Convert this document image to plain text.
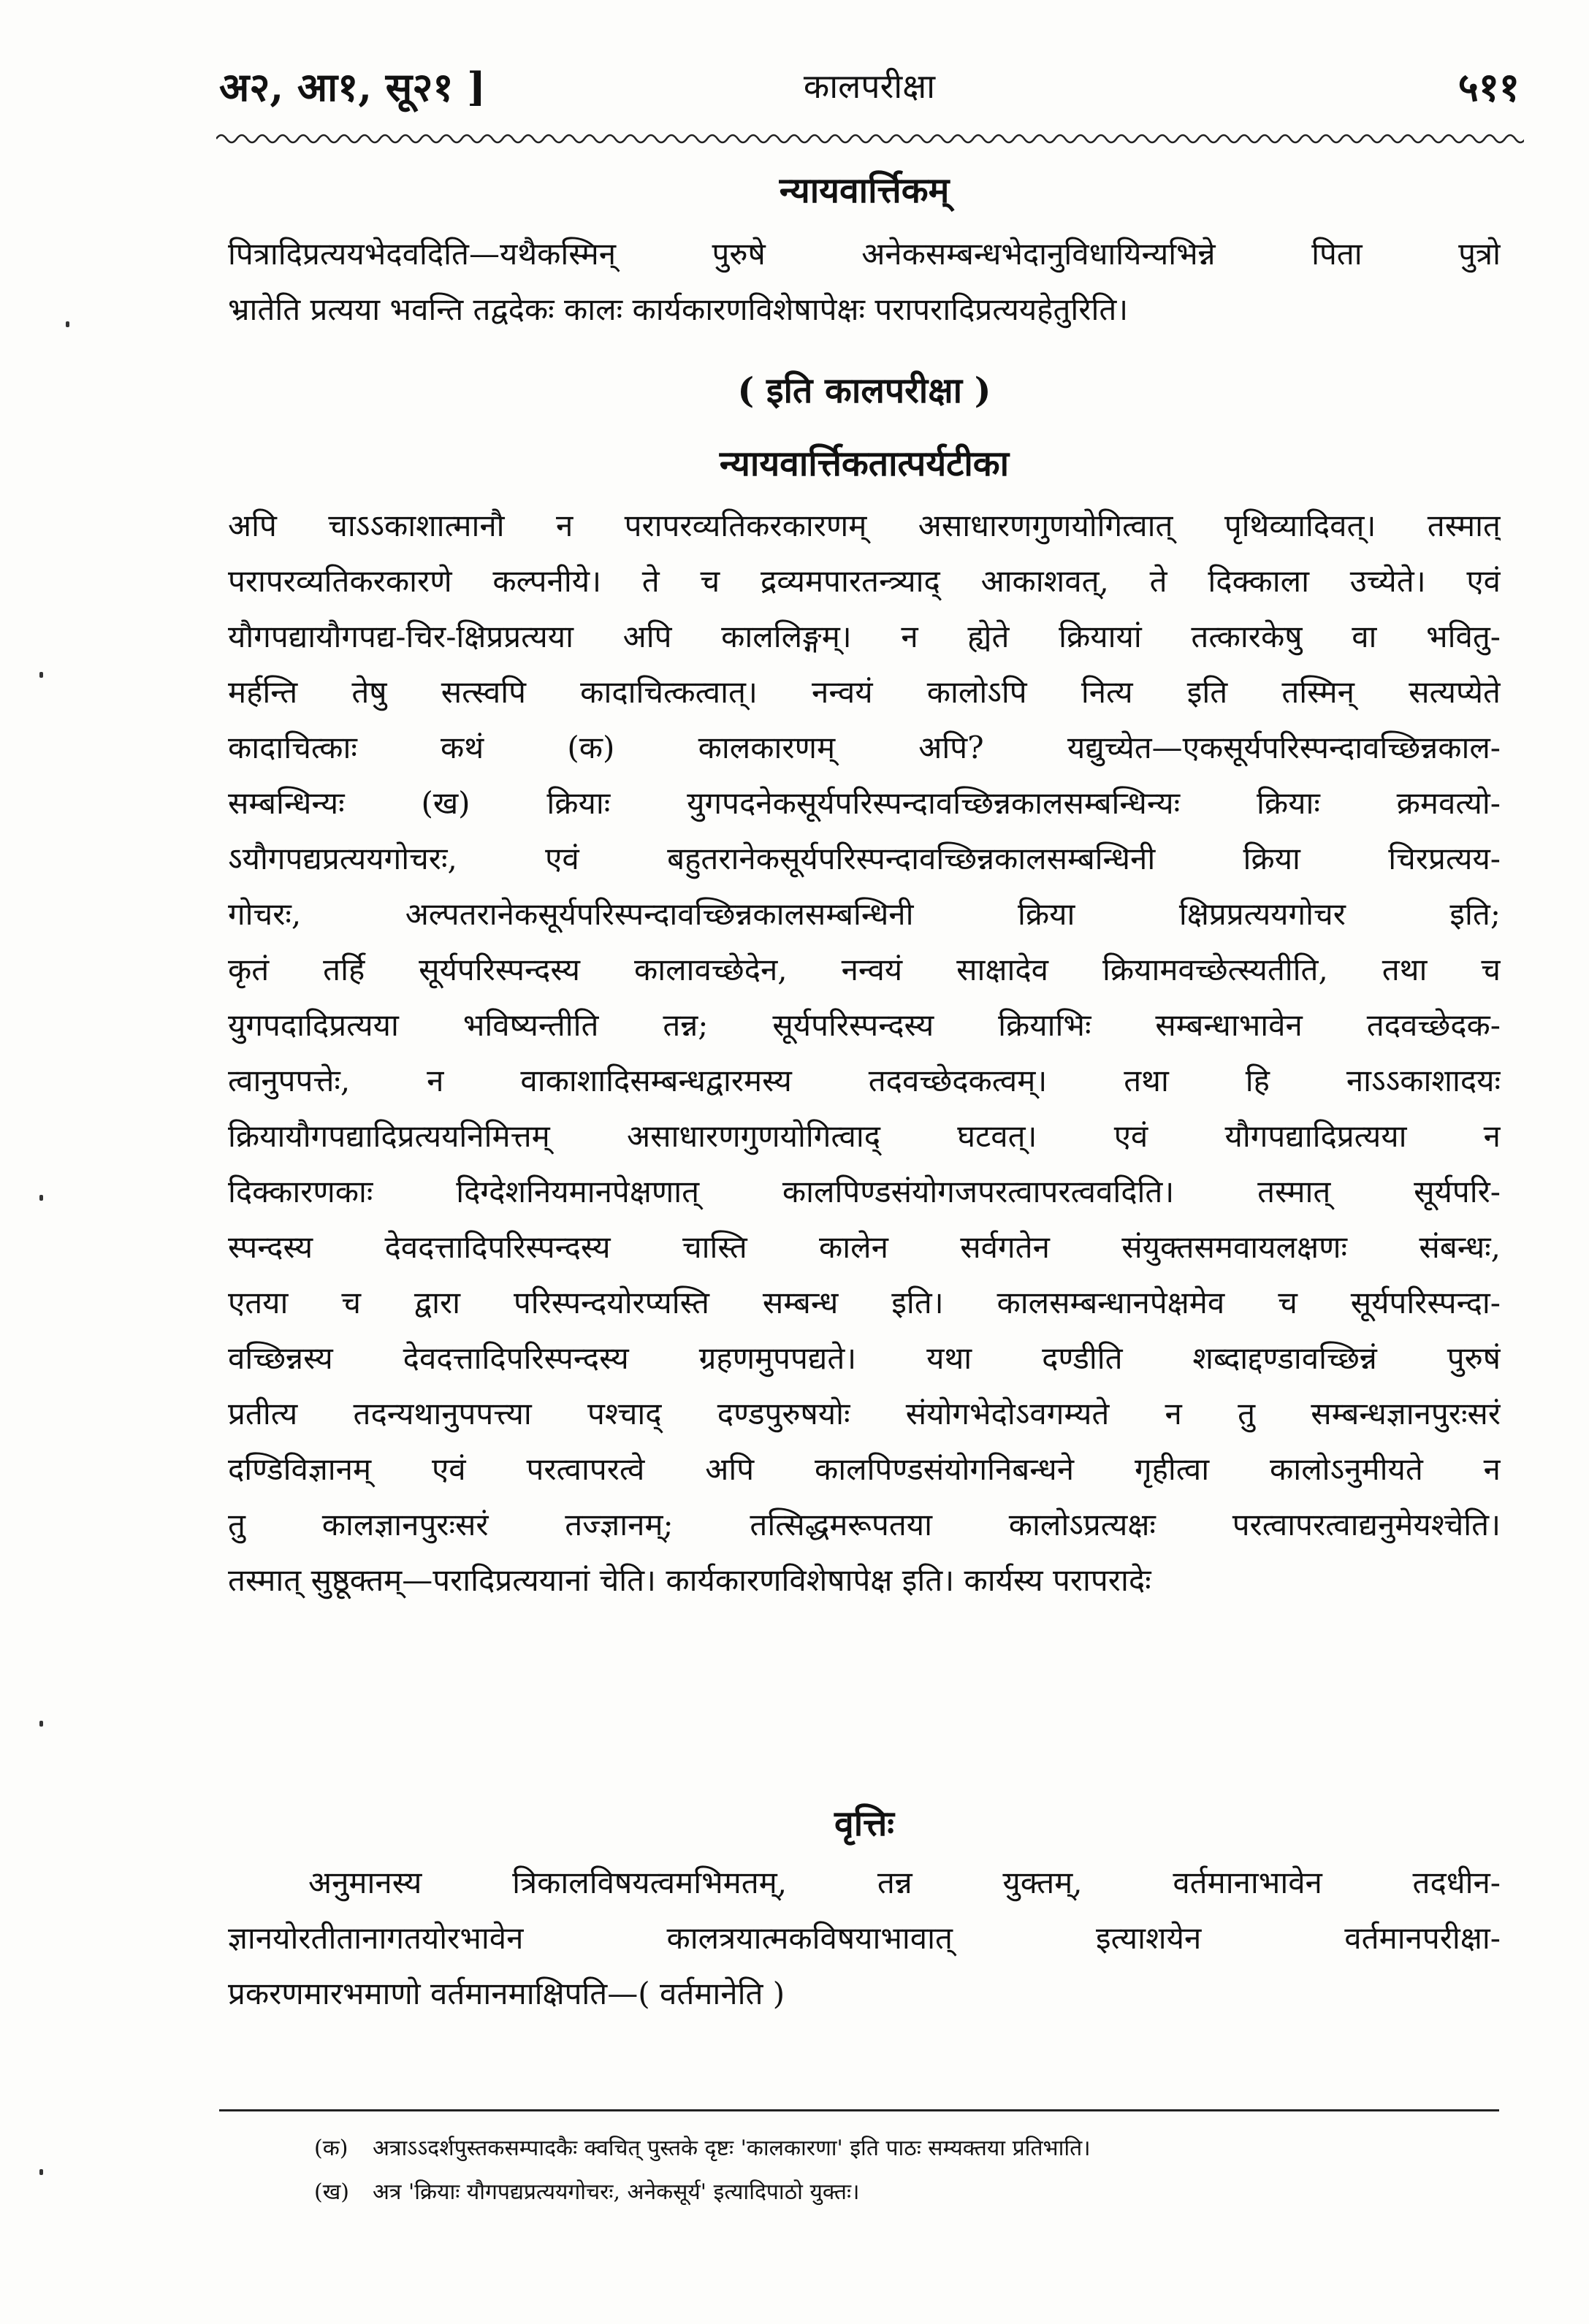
अ२, आ१, सू२१ ]	कालपरीक्षा	५११
न्यायवार्त्तिकम्
पित्रादिप्रत्ययभेदवदिति—यथैकस्मिन् पुरुषे अनेकसम्बन्धभेदानुविधायिन्यभिन्ने पिता पुत्रो
भ्रातेति प्रत्यया भवन्ति तद्वदेकः कालः कार्यकारणविशेषापेक्षः परापरादिप्रत्ययहेतुरिति।
( इति कालपरीक्षा )
न्यायवार्त्तिकतात्पर्यटीका
अपि चाऽऽकाशात्मानौ न परापरव्यतिकरकारणम् असाधारणगुणयोगित्वात् पृथिव्यादिवत्। तस्मात्
परापरव्यतिकरकारणे कल्पनीये। ते च द्रव्यमपारतन्त्र्याद् आकाशवत्, ते दिक्काला उच्येते। एवं
यौगपद्यायौगपद्य-चिर-क्षिप्रप्रत्यया अपि काललिङ्गम्। न ह्येते क्रियायां तत्कारकेषु वा भवितु-
मर्हन्ति तेषु सत्स्वपि कादाचित्कत्वात्। नन्वयं कालोऽपि नित्य इति तस्मिन् सत्यप्येते
कादाचित्काः कथं (क) कालकारणम् अपि? यद्युच्येत—एकसूर्यपरिस्पन्दावच्छिन्नकाल-
सम्बन्धिन्यः (ख) क्रियाः युगपदनेकसूर्यपरिस्पन्दावच्छिन्नकालसम्बन्धिन्यः क्रियाः क्रमवत्यो-
ऽयौगपद्यप्रत्ययगोचरः, एवं बहुतरानेकसूर्यपरिस्पन्दावच्छिन्नकालसम्बन्धिनी क्रिया चिरप्रत्यय-
गोचरः, अल्पतरानेकसूर्यपरिस्पन्दावच्छिन्नकालसम्बन्धिनी क्रिया क्षिप्रप्रत्ययगोचर इति;
कृतं तर्हि सूर्यपरिस्पन्दस्य कालावच्छेदेन, नन्वयं साक्षादेव क्रियामवच्छेत्स्यतीति, तथा च
युगपदादिप्रत्यया भविष्यन्तीति तन्न; सूर्यपरिस्पन्दस्य क्रियाभिः सम्बन्धाभावेन तदवच्छेदक-
त्वानुपपत्तेः, न वाकाशादिसम्बन्धद्वारमस्य तदवच्छेदकत्वम्। तथा हि नाऽऽकाशादयः
क्रियायौगपद्यादिप्रत्ययनिमित्तम् असाधारणगुणयोगित्वाद् घटवत्। एवं यौगपद्यादिप्रत्यया न
दिक्कारणकाः दिग्देशनियमानपेक्षणात् कालपिण्डसंयोगजपरत्वापरत्ववदिति। तस्मात् सूर्यपरि-
स्पन्दस्य देवदत्तादिपरिस्पन्दस्य चास्ति कालेन सर्वगतेन संयुक्तसमवायलक्षणः संबन्धः,
एतया च द्वारा परिस्पन्दयोरप्यस्ति सम्बन्ध इति। कालसम्बन्धानपेक्षमेव च सूर्यपरिस्पन्दा-
वच्छिन्नस्य देवदत्तादिपरिस्पन्दस्य ग्रहणमुपपद्यते। यथा दण्डीति शब्दाद्दण्डावच्छिन्नं पुरुषं
प्रतीत्य तदन्यथानुपपत्त्या पश्चाद् दण्डपुरुषयोः संयोगभेदोऽवगम्यते न तु सम्बन्धज्ञानपुरःसरं
दण्डिविज्ञानम् एवं परत्वापरत्वे अपि कालपिण्डसंयोगनिबन्धने गृहीत्वा कालोऽनुमीयते न
तु कालज्ञानपुरःसरं तज्ज्ञानम्; तत्सिद्धमरूपतया कालोऽप्रत्यक्षः परत्वापरत्वाद्यनुमेयश्चेति।
तस्मात् सुष्ठूक्तम्—परादिप्रत्ययानां चेति। कार्यकारणविशेषापेक्ष इति। कार्यस्य परापरादेः
वृत्तिः
अनुमानस्य त्रिकालविषयत्वमभिमतम्, तन्न युक्तम्, वर्तमानाभावेन तदधीन-
ज्ञानयोरतीतानागतयोरभावेन कालत्रयात्मकविषयाभावात् इत्याशयेन वर्तमानपरीक्षा-
प्रकरणमारभमाणो वर्तमानमाक्षिपति—( वर्तमानेति )
(क) अत्राऽऽदर्शपुस्तकसम्पादकैः क्वचित् पुस्तके दृष्टः 'कालकारणा' इति पाठः सम्यक्तया प्रतिभाति।
(ख) अत्र 'क्रियाः यौगपद्यप्रत्ययगोचरः, अनेकसूर्य' इत्यादिपाठो युक्तः।
